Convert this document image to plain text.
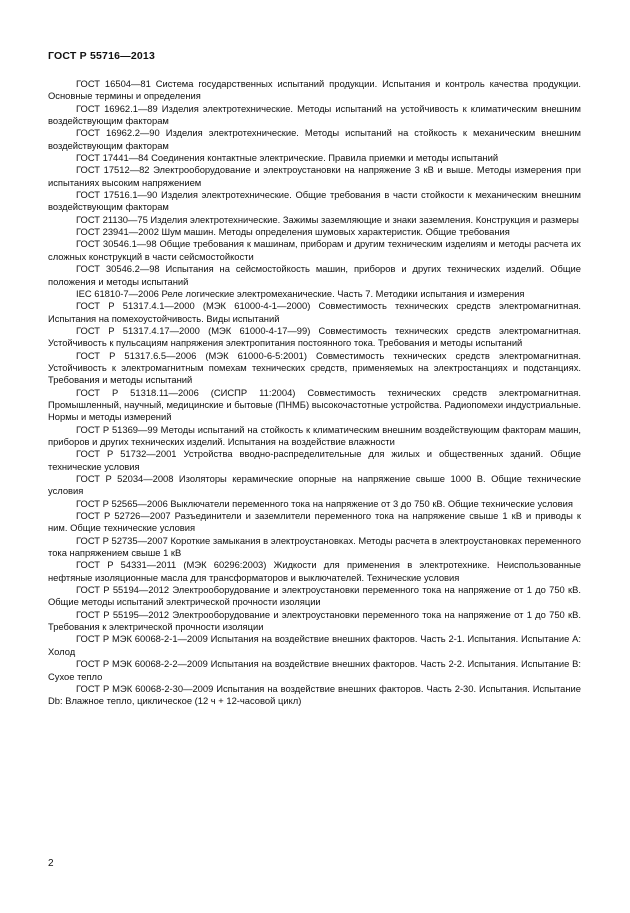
ГОСТ Р 55716—2013

ГОСТ 16504—81 Система государственных испытаний продукции. Испытания и контроль качества продукции. Основные термины и определения

ГОСТ 16962.1—89 Изделия электротехнические. Методы испытаний на устойчивость к климатическим внешним воздействующим факторам

ГОСТ 16962.2—90 Изделия электротехнические. Методы испытаний на стойкость к механическим внешним воздействующим факторам

ГОСТ 17441—84 Соединения контактные электрические. Правила приемки и методы испытаний

ГОСТ 17512—82 Электрооборудование и электроустановки на напряжение 3 кВ и выше. Методы измерения при испытаниях высоким напряжением

ГОСТ 17516.1—90 Изделия электротехнические. Общие требования в части стойкости к механическим внешним воздействующим факторам

ГОСТ 21130—75 Изделия электротехнические. Зажимы заземляющие и знаки заземления. Конструкция и размеры

ГОСТ 23941—2002 Шум машин. Методы определения шумовых характеристик. Общие требования

ГОСТ 30546.1—98 Общие требования к машинам, приборам и другим техническим изделиям и методы расчета их сложных конструкций в части сейсмостойкости

ГОСТ 30546.2—98 Испытания на сейсмостойкость машин, приборов и других технических изделий. Общие положения и методы испытаний

IEC 61810-7—2006 Реле логические электромеханические. Часть 7. Методики испытания и измерения

ГОСТ Р 51317.4.1—2000 (МЭК 61000-4-1—2000) Совместимость технических средств электромагнитная. Испытания на помехоустойчивость. Виды испытаний

ГОСТ Р 51317.4.17—2000 (МЭК 61000-4-17—99) Совместимость технических средств электромагнитная. Устойчивость к пульсациям напряжения электропитания постоянного тока. Требования и методы испытаний

ГОСТ Р 51317.6.5—2006 (МЭК 61000-6-5:2001) Совместимость технических средств электромагнитная. Устойчивость к электромагнитным помехам технических средств, применяемых на электростанциях и подстанциях. Требования и методы испытаний

ГОСТ Р 51318.11—2006 (СИСПР 11:2004) Совместимость технических средств электромагнитная. Промышленный, научный, медицинские и бытовые (ПНМБ) высокочастотные устройства. Радиопомехи индустриальные. Нормы и методы измерений

ГОСТ Р 51369—99 Методы испытаний на стойкость к климатическим внешним воздействующим факторам машин, приборов и других технических изделий. Испытания на воздействие влажности

ГОСТ Р 51732—2001 Устройства вводно-распределительные для жилых и общественных зданий. Общие технические условия

ГОСТ Р 52034—2008 Изоляторы керамические опорные на напряжение свыше 1000 В. Общие технические условия

ГОСТ Р 52565—2006 Выключатели переменного тока на напряжение от 3 до 750 кВ. Общие технические условия

ГОСТ Р 52726—2007 Разъединители и заземлители переменного тока на напряжение свыше 1 кВ и приводы к ним. Общие технические условия

ГОСТ Р 52735—2007 Короткие замыкания в электроустановках. Методы расчета в электроустановках переменного тока напряжением свыше 1 кВ

ГОСТ Р 54331—2011 (МЭК 60296:2003) Жидкости для применения в электротехнике. Неиспользованные нефтяные изоляционные масла для трансформаторов и выключателей. Технические условия

ГОСТ Р 55194—2012 Электрооборудование и электроустановки переменного тока на напряжение от 1 до 750 кВ. Общие методы испытаний электрической прочности изоляции

ГОСТ Р 55195—2012 Электрооборудование и электроустановки переменного тока на напряжение от 1 до 750 кВ. Требования к электрической прочности изоляции

ГОСТ Р МЭК 60068-2-1—2009 Испытания на воздействие внешних факторов. Часть 2-1. Испытания. Испытание А: Холод

ГОСТ Р МЭК 60068-2-2—2009 Испытания на воздействие внешних факторов. Часть 2-2. Испытания. Испытание В: Сухое тепло

ГОСТ Р МЭК 60068-2-30—2009 Испытания на воздействие внешних факторов. Часть 2-30. Испытания. Испытание Db: Влажное тепло, циклическое (12 ч + 12-часовой цикл)

2
